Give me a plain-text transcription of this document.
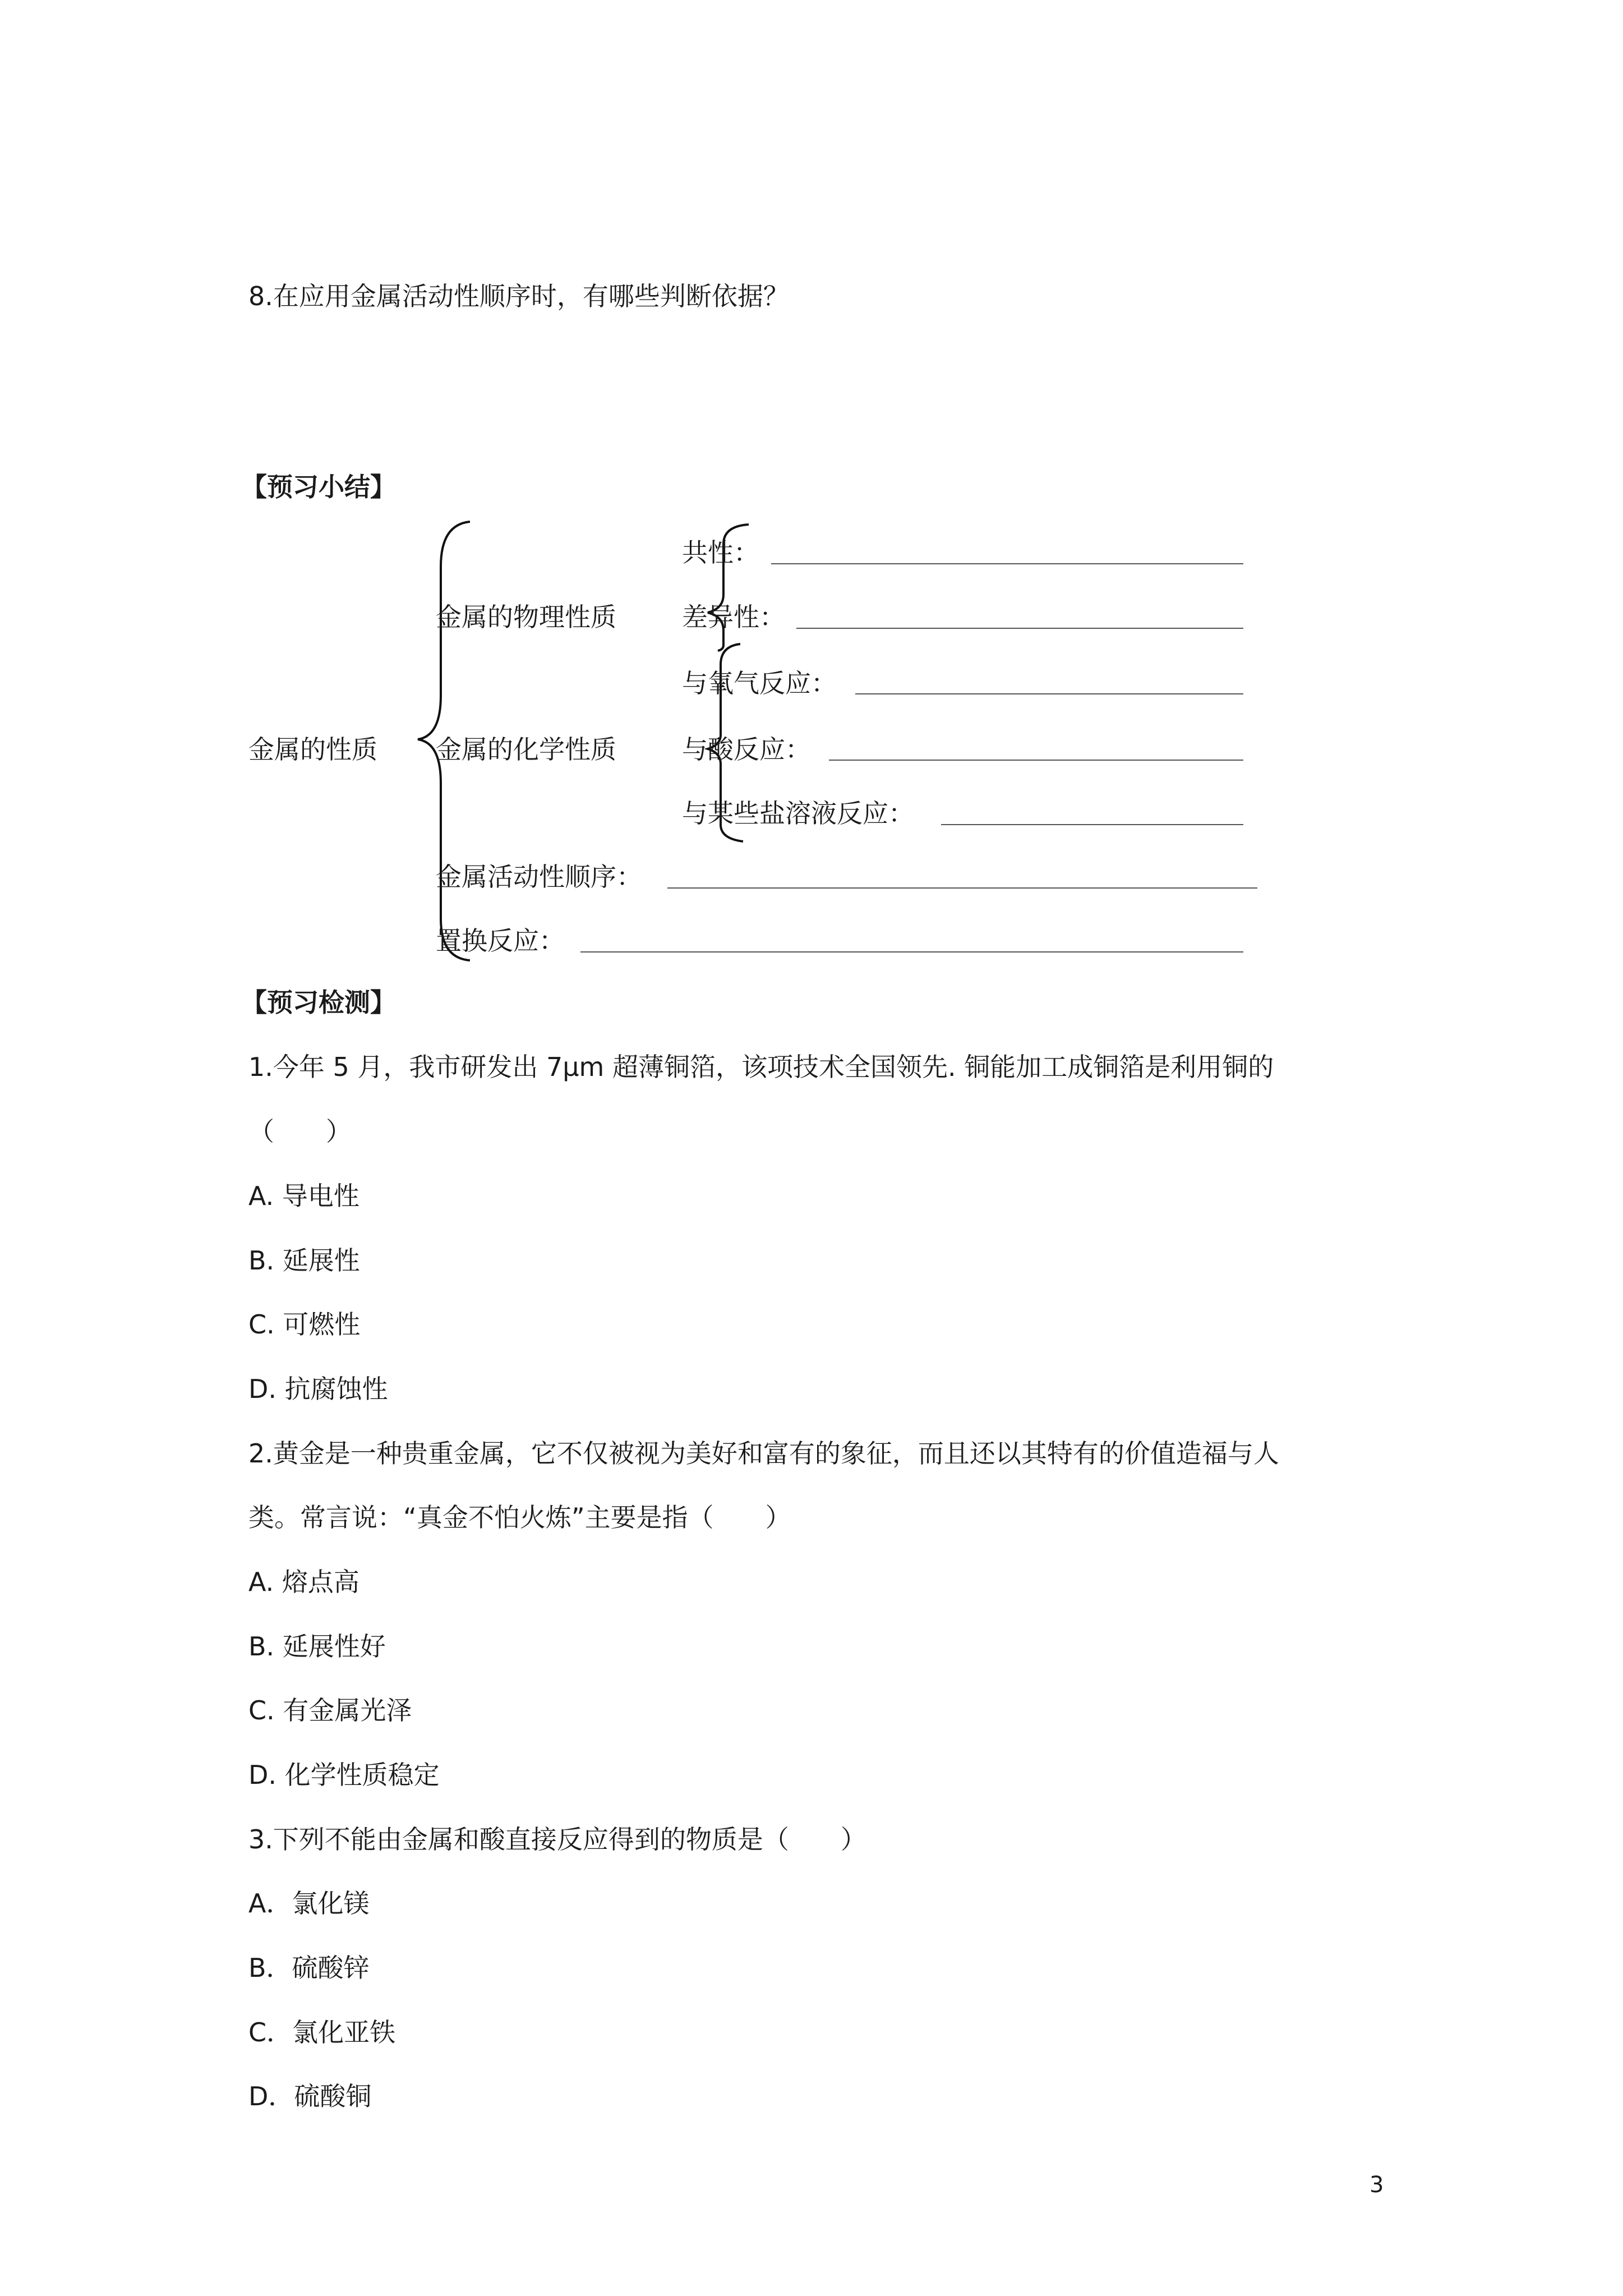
8.在应用金属活动性顺序时，有哪些判断依据？
【预习小结】
金属的性质
金属的物理性质
共性：
差异性：
金属的化学性质
与氧气反应：
与酸反应：
与某些盐溶液反应：
金属活动性顺序：
置换反应：
【预习检测】
1.今年 5 月，我市研发出 7μm 超薄铜箔，该项技术全国领先. 铜能加工成铜箔是利用铜的
（　　）
A. 导电性
B. 延展性
C. 可燃性
D. 抗腐蚀性
2.黄金是一种贵重金属，它不仅被视为美好和富有的象征，而且还以其特有的价值造福与人
类。常言说：“真金不怕火炼”主要是指（　　）
A. 熔点高
B. 延展性好
C. 有金属光泽
D. 化学性质稳定
3.下列不能由金属和酸直接反应得到的物质是（　　）
A．氯化镁
B．硫酸锌
C．氯化亚铁
D．硫酸铜
3
